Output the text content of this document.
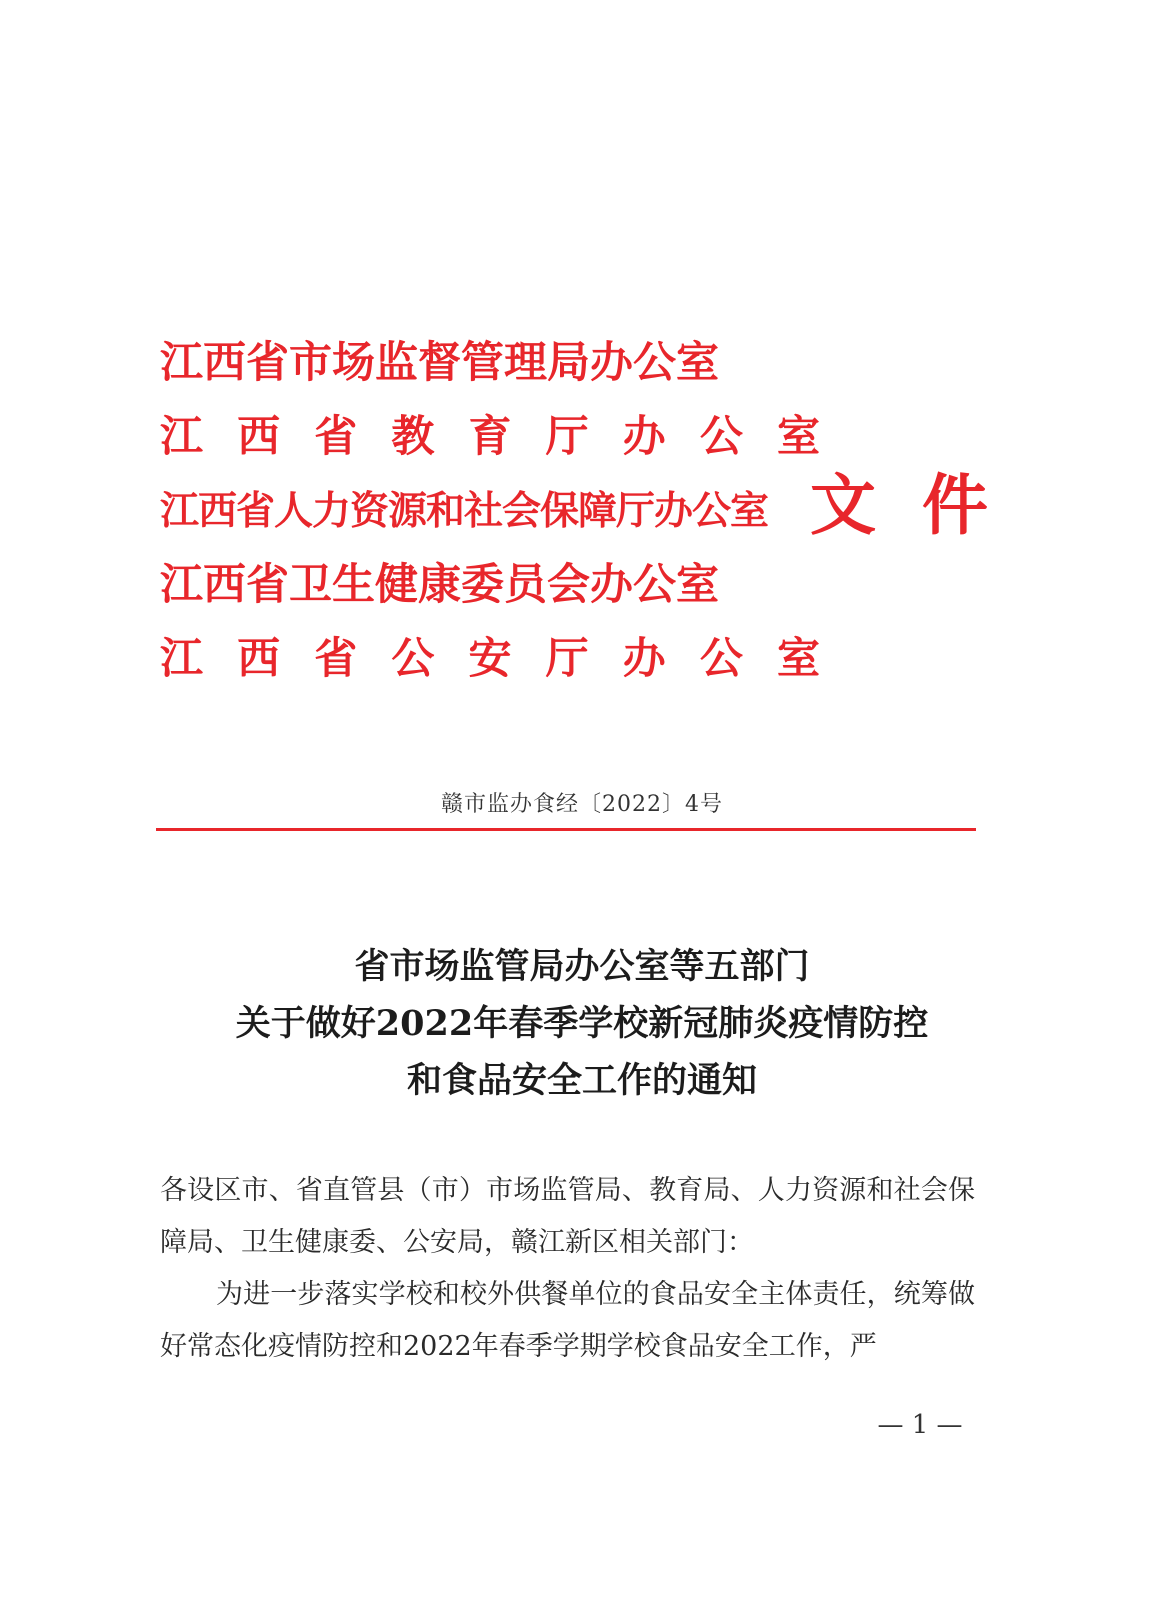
江西省市场监督管理局办公室
江 西 省 教 育 厅 办 公 室
江西省人力资源和社会保障厅办公室
江西省卫生健康委员会办公室
江 西 省 公 安 厅 办 公 室
文件
赣市监办食经〔2022〕4号
省市场监管局办公室等五部门
关于做好2022年春季学校新冠肺炎疫情防控
和食品安全工作的通知

各设区市、省直管县（市）市场监管局、教育局、人力资源和社会保障局、卫生健康委、公安局，赣江新区相关部门：

为进一步落实学校和校外供餐单位的食品安全主体责任，统筹做好常态化疫情防控和2022年春季学期学校食品安全工作，严

— 1 —
